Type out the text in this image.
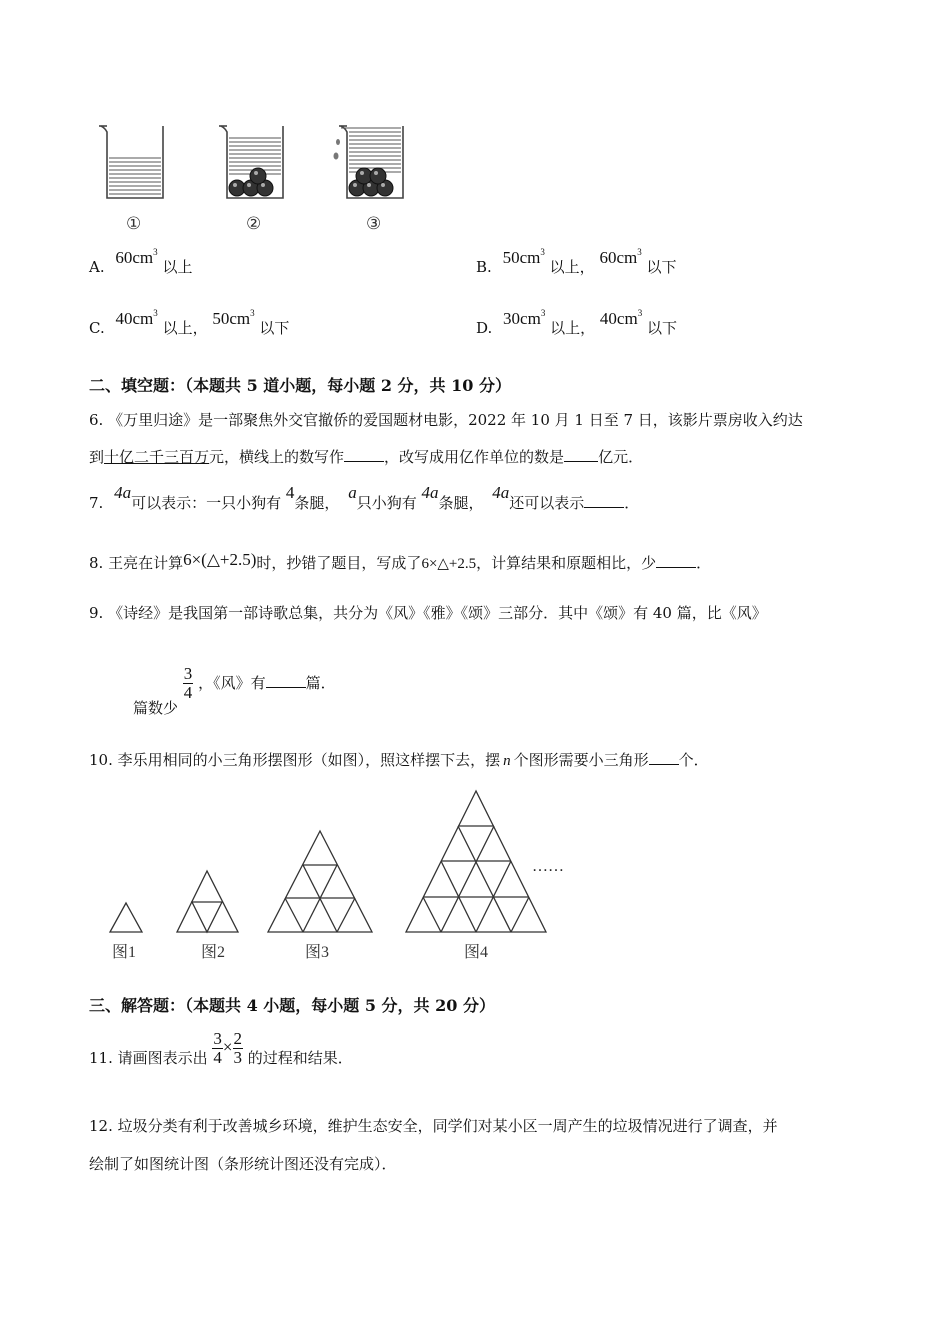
①	②	③
A. $60cm^3$ 以上	B. $50cm^3$ 以上， $60cm^3$ 以下
C. $40cm^3$ 以上， $50cm^3$ 以下	D. $30cm^3$ 以上， $40cm^3$ 以下
二、填空题：（本题共 5 道小题，每小题 2 分，共 10 分）
6. 《万里归途》是一部聚焦外交官撤侨的爱国题材电影，2022 年 10 月 1 日至 7 日，该影片票房收入约达
到十亿二千三百万元，横线上的数写作	，改写成用亿作单位的数是 亿元．
7. 4a可以表示：一只小狗有 4条腿， a只小狗有 4a条腿， 4a还可以表示	．
8. 王亮在计算6×(△+2.5)时，抄错了题目，写成了6×△+2.5，计算结果和原题相比，少	．
9. 《诗经》是我国第一部诗歌总集，共分为《风》《雅》《颂》三部分．其中《颂》有 40 篇，比《风》
篇数少
$\frac{3}{4}$ ，《风》有	篇．
10. 李乐用相同的小三角形摆图形（如图），照这样摆下去，摆 n 个图形需要小三角形 个．
……
图1	图2	图3	图4
三、解答题：（本题共 4 小题，每小题 5 分，共 20 分）
11. 请画图表示出 $\frac{3}{4} \times \frac{2}{3}$ 的过程和结果．
12. 垃圾分类有利于改善城乡环境，维护生态安全，同学们对某小区一周产生的垃圾情况进行了调查，并
绘制了如图统计图（条形统计图还没有完成）．
